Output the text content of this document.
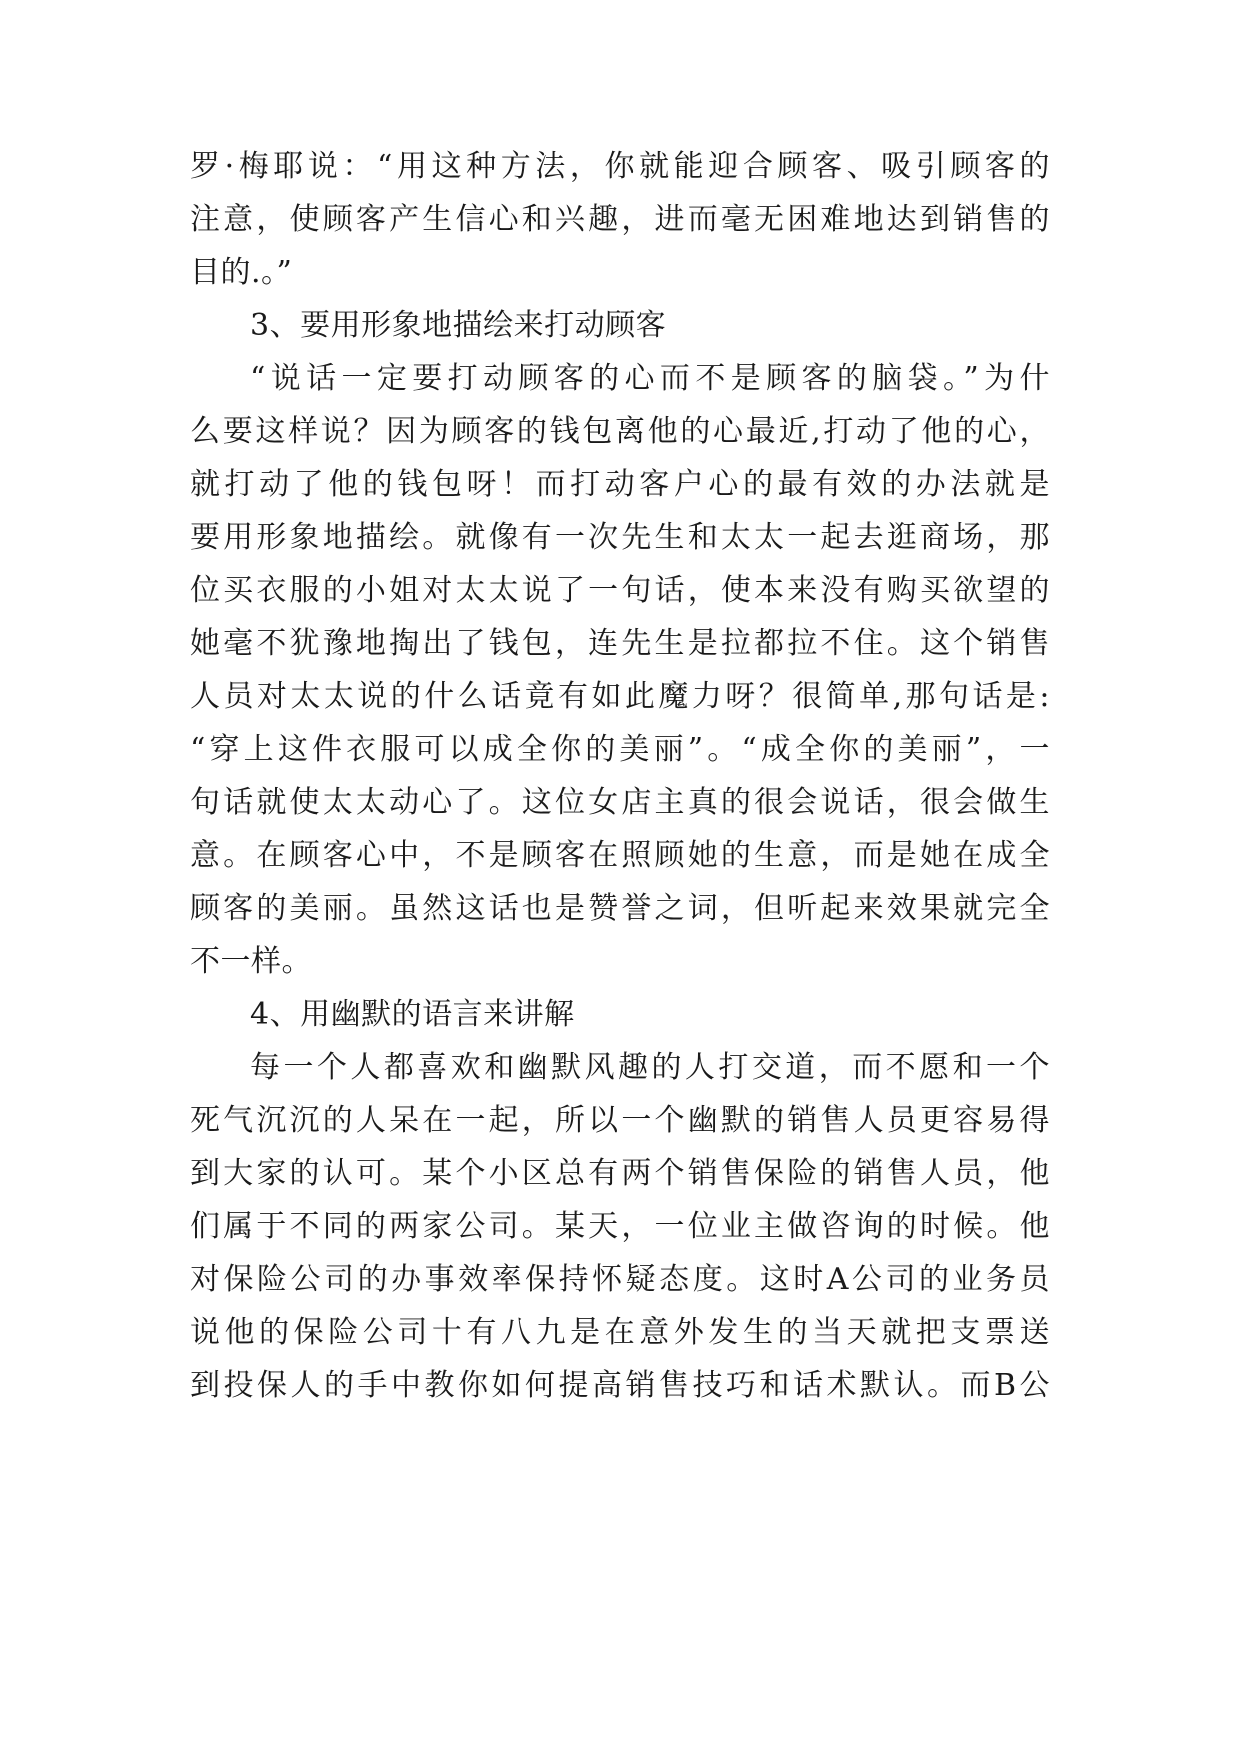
罗·梅耶说：“用这种方法，你就能迎合顾客、吸引顾客的
注意，使顾客产生信心和兴趣，进而毫无困难地达到销售的
目的.。”
3、要用形象地描绘来打动顾客
“说话一定要打动顾客的心而不是顾客的脑袋。”为什
么要这样说？因为顾客的钱包离他的心最近,打动了他的心，
就打动了他的钱包呀！而打动客户心的最有效的办法就是
要用形象地描绘。就像有一次先生和太太一起去逛商场，那
位买衣服的小姐对太太说了一句话，使本来没有购买欲望的
她毫不犹豫地掏出了钱包，连先生是拉都拉不住。这个销售
人员对太太说的什么话竟有如此魔力呀？很简单,那句话是:
“穿上这件衣服可以成全你的美丽”。“成全你的美丽”，一
句话就使太太动心了。这位女店主真的很会说话，很会做生
意。在顾客心中，不是顾客在照顾她的生意，而是她在成全
顾客的美丽。虽然这话也是赞誉之词，但听起来效果就完全
不一样。
4、用幽默的语言来讲解
每一个人都喜欢和幽默风趣的人打交道，而不愿和一个
死气沉沉的人呆在一起，所以一个幽默的销售人员更容易得
到大家的认可。某个小区总有两个销售保险的销售人员，他
们属于不同的两家公司。某天，一位业主做咨询的时候。他
对保险公司的办事效率保持怀疑态度。这时A公司的业务员
说他的保险公司十有八九是在意外发生的当天就把支票送
到投保人的手中教你如何提高销售技巧和话术默认。而B公
